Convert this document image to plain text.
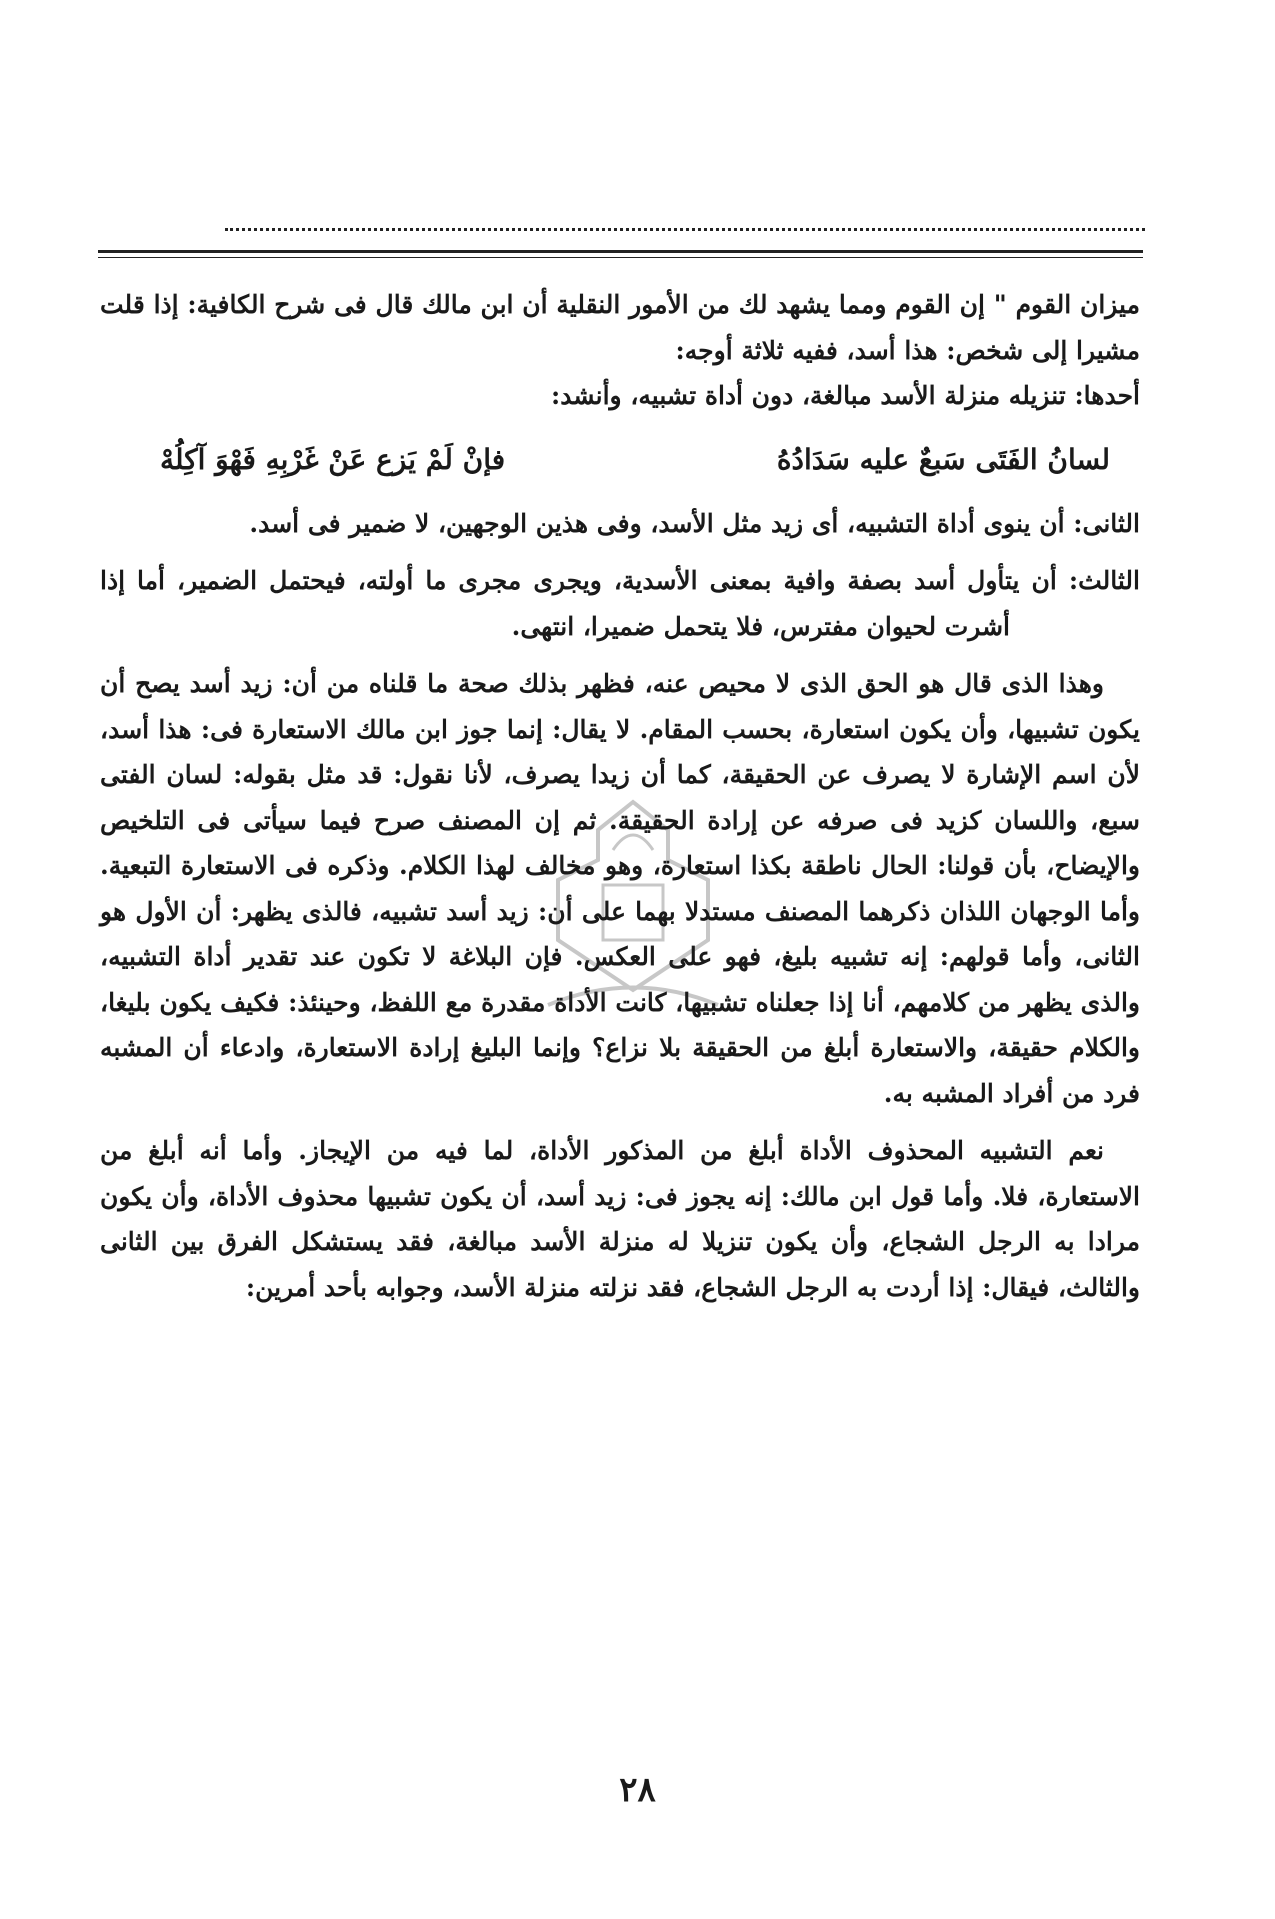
ميزان القوم " إن القوم ومما يشهد لك من الأمور النقلية أن ابن مالك قال فى شرح الكافية: إذا قلت مشيرا إلى شخص: هذا أسد، ففيه ثلاثة أوجه:

أحدها: تنزيله منزلة الأسد مبالغة، دون أداة تشبيه، وأنشد:

لسانُ الفَتَى سَبعٌ عليه سَدَادُهُ
فإنْ لَمْ يَزع عَنْ غَرْبِهِ فَهْوَ آكِلُهْ

الثانى: أن ينوى أداة التشبيه، أى زيد مثل الأسد، وفى هذين الوجهين، لا ضمير فى أسد.

الثالث: أن يتأول أسد بصفة وافية بمعنى الأسدية، ويجرى مجرى ما أولته، فيحتمل الضمير، أما إذا أشرت لحيوان مفترس، فلا يتحمل ضميرا، انتهى.

وهذا الذى قال هو الحق الذى لا محيص عنه، فظهر بذلك صحة ما قلناه من أن: زيد أسد يصح أن يكون تشبيها، وأن يكون استعارة، بحسب المقام. لا يقال: إنما جوز ابن مالك الاستعارة فى: هذا أسد، لأن اسم الإشارة لا يصرف عن الحقيقة، كما أن زيدا يصرف، لأنا نقول: قد مثل بقوله: لسان الفتى سبع، واللسان كزيد فى صرفه عن إرادة الحقيقة. ثم إن المصنف صرح فيما سيأتى فى التلخيص والإيضاح، بأن قولنا: الحال ناطقة بكذا استعارة، وهو مخالف لهذا الكلام. وذكره فى الاستعارة التبعية. وأما الوجهان اللذان ذكرهما المصنف مستدلا بهما على أن: زيد أسد تشبيه، فالذى يظهر: أن الأول هو الثانى، وأما قولهم: إنه تشبيه بليغ، فهو على العكس. فإن البلاغة لا تكون عند تقدير أداة التشبيه، والذى يظهر من كلامهم، أنا إذا جعلناه تشبيها، كانت الأداة مقدرة مع اللفظ، وحينئذ: فكيف يكون بليغا، والكلام حقيقة، والاستعارة أبلغ من الحقيقة بلا نزاع؟ وإنما البليغ إرادة الاستعارة، وادعاء أن المشبه فرد من أفراد المشبه به.

نعم التشبيه المحذوف الأداة أبلغ من المذكور الأداة، لما فيه من الإيجاز. وأما أنه أبلغ من الاستعارة، فلا. وأما قول ابن مالك: إنه يجوز فى: زيد أسد، أن يكون تشبيها محذوف الأداة، وأن يكون مرادا به الرجل الشجاع، وأن يكون تنزيلا له منزلة الأسد مبالغة، فقد يستشكل الفرق بين الثانى والثالث، فيقال: إذا أردت به الرجل الشجاع، فقد نزلته منزلة الأسد، وجوابه بأحد أمرين:

٢٨
